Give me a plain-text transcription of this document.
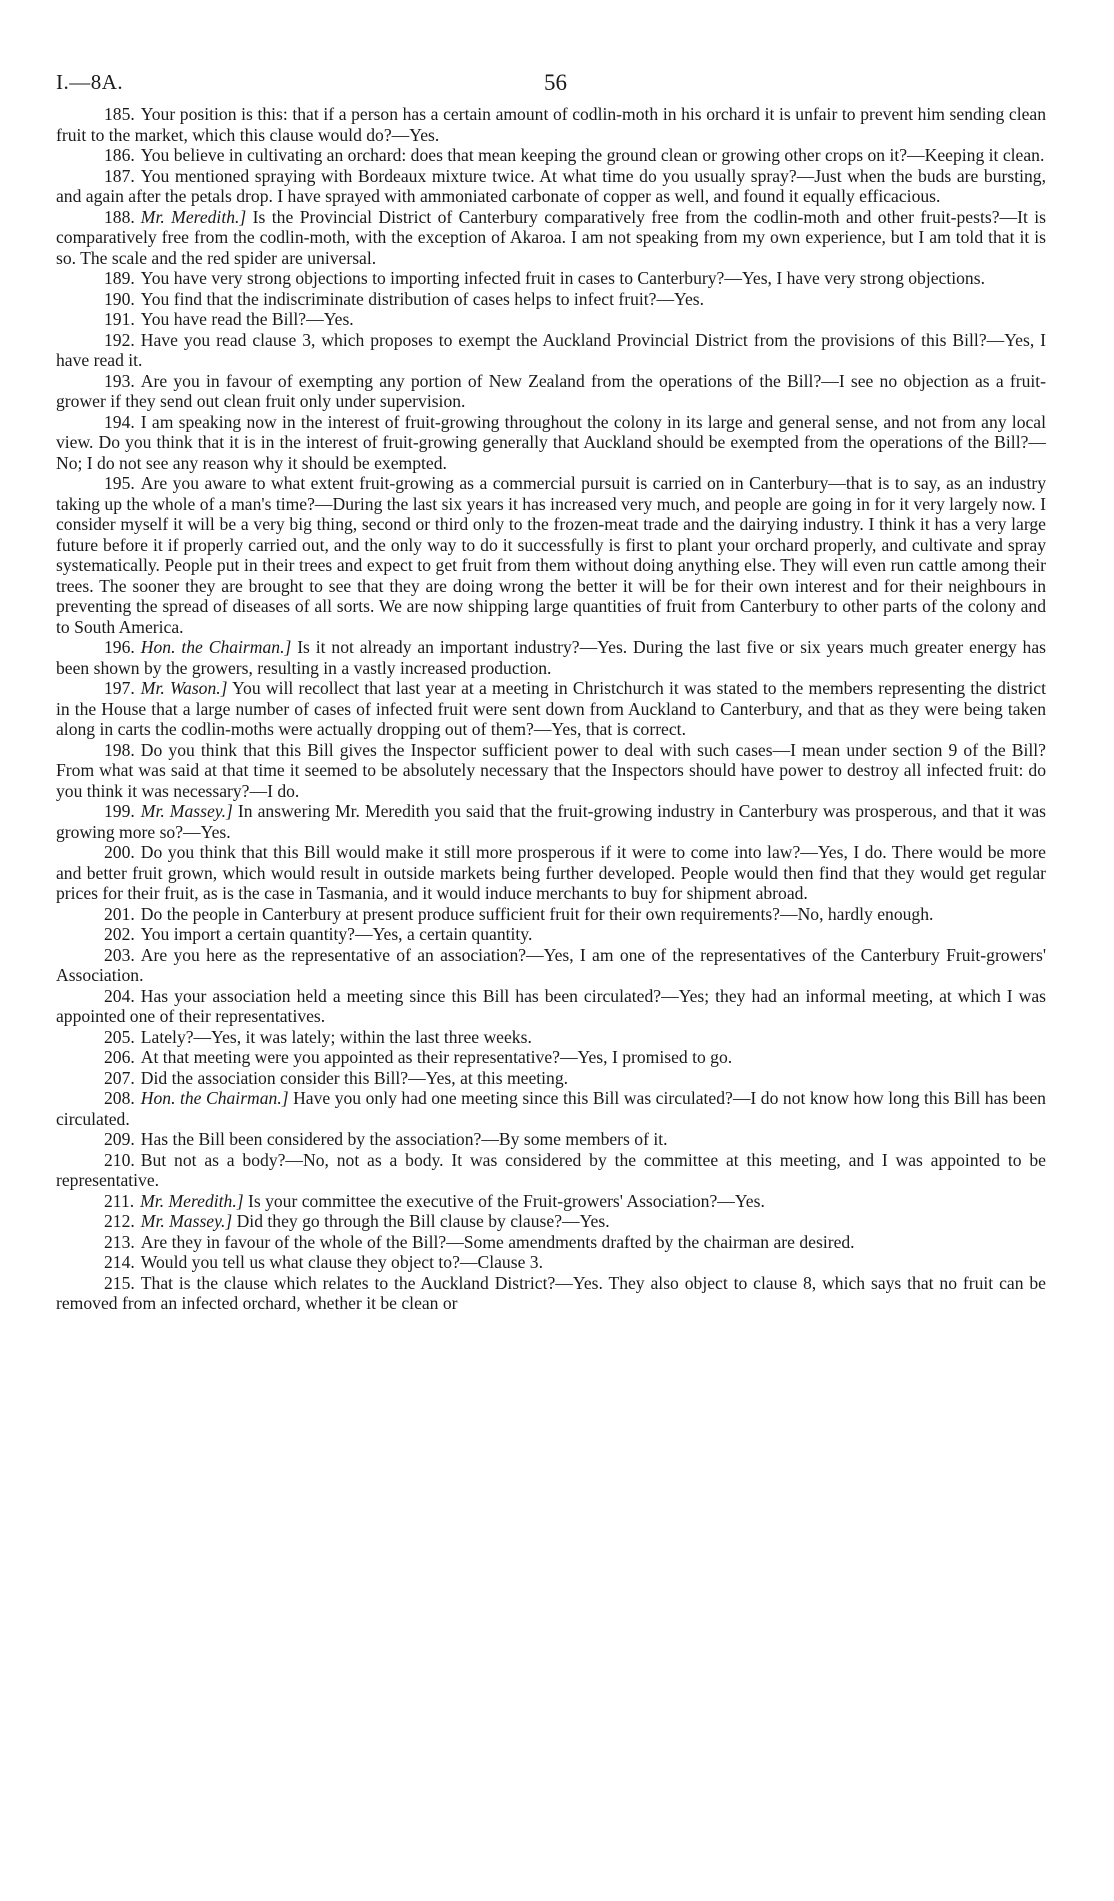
I.—8A.	56

185. Your position is this: that if a person has a certain amount of codlin-moth in his orchard it is unfair to prevent him sending clean fruit to the market, which this clause would do?—Yes.

186. You believe in cultivating an orchard: does that mean keeping the ground clean or growing other crops on it?—Keeping it clean.

187. You mentioned spraying with Bordeaux mixture twice. At what time do you usually spray?—Just when the buds are bursting, and again after the petals drop. I have sprayed with ammoniated carbonate of copper as well, and found it equally efficacious.

188. Mr. Meredith.] Is the Provincial District of Canterbury comparatively free from the codlin-moth and other fruit-pests?—It is comparatively free from the codlin-moth, with the exception of Akaroa. I am not speaking from my own experience, but I am told that it is so. The scale and the red spider are universal.

189. You have very strong objections to importing infected fruit in cases to Canterbury?—Yes, I have very strong objections.

190. You find that the indiscriminate distribution of cases helps to infect fruit?—Yes.

191. You have read the Bill?—Yes.

192. Have you read clause 3, which proposes to exempt the Auckland Provincial District from the provisions of this Bill?—Yes, I have read it.

193. Are you in favour of exempting any portion of New Zealand from the operations of the Bill?—I see no objection as a fruit-grower if they send out clean fruit only under supervision.

194. I am speaking now in the interest of fruit-growing throughout the colony in its large and general sense, and not from any local view. Do you think that it is in the interest of fruit-growing generally that Auckland should be exempted from the operations of the Bill?—No; I do not see any reason why it should be exempted.

195. Are you aware to what extent fruit-growing as a commercial pursuit is carried on in Canterbury—that is to say, as an industry taking up the whole of a man's time?—During the last six years it has increased very much, and people are going in for it very largely now. I consider myself it will be a very big thing, second or third only to the frozen-meat trade and the dairying industry. I think it has a very large future before it if properly carried out, and the only way to do it successfully is first to plant your orchard properly, and cultivate and spray systematically. People put in their trees and expect to get fruit from them without doing anything else. They will even run cattle among their trees. The sooner they are brought to see that they are doing wrong the better it will be for their own interest and for their neighbours in preventing the spread of diseases of all sorts. We are now shipping large quantities of fruit from Canterbury to other parts of the colony and to South America.

196. Hon. the Chairman.] Is it not already an important industry?—Yes. During the last five or six years much greater energy has been shown by the growers, resulting in a vastly increased production.

197. Mr. Wason.] You will recollect that last year at a meeting in Christchurch it was stated to the members representing the district in the House that a large number of cases of infected fruit were sent down from Auckland to Canterbury, and that as they were being taken along in carts the codlin-moths were actually dropping out of them?—Yes, that is correct.

198. Do you think that this Bill gives the Inspector sufficient power to deal with such cases—I mean under section 9 of the Bill? From what was said at that time it seemed to be absolutely necessary that the Inspectors should have power to destroy all infected fruit: do you think it was necessary?—I do.

199. Mr. Massey.] In answering Mr. Meredith you said that the fruit-growing industry in Canterbury was prosperous, and that it was growing more so?—Yes.

200. Do you think that this Bill would make it still more prosperous if it were to come into law?—Yes, I do. There would be more and better fruit grown, which would result in outside markets being further developed. People would then find that they would get regular prices for their fruit, as is the case in Tasmania, and it would induce merchants to buy for shipment abroad.

201. Do the people in Canterbury at present produce sufficient fruit for their own requirements?—No, hardly enough.

202. You import a certain quantity?—Yes, a certain quantity.

203. Are you here as the representative of an association?—Yes, I am one of the representatives of the Canterbury Fruit-growers' Association.

204. Has your association held a meeting since this Bill has been circulated?—Yes; they had an informal meeting, at which I was appointed one of their representatives.

205. Lately?—Yes, it was lately; within the last three weeks.

206. At that meeting were you appointed as their representative?—Yes, I promised to go.

207. Did the association consider this Bill?—Yes, at this meeting.

208. Hon. the Chairman.] Have you only had one meeting since this Bill was circulated?—I do not know how long this Bill has been circulated.

209. Has the Bill been considered by the association?—By some members of it.

210. But not as a body?—No, not as a body. It was considered by the committee at this meeting, and I was appointed to be representative.

211. Mr. Meredith.] Is your committee the executive of the Fruit-growers' Association?—Yes.

212. Mr. Massey.] Did they go through the Bill clause by clause?—Yes.

213. Are they in favour of the whole of the Bill?—Some amendments drafted by the chairman are desired.

214. Would you tell us what clause they object to?—Clause 3.

215. That is the clause which relates to the Auckland District?—Yes. They also object to clause 8, which says that no fruit can be removed from an infected orchard, whether it be clean or
